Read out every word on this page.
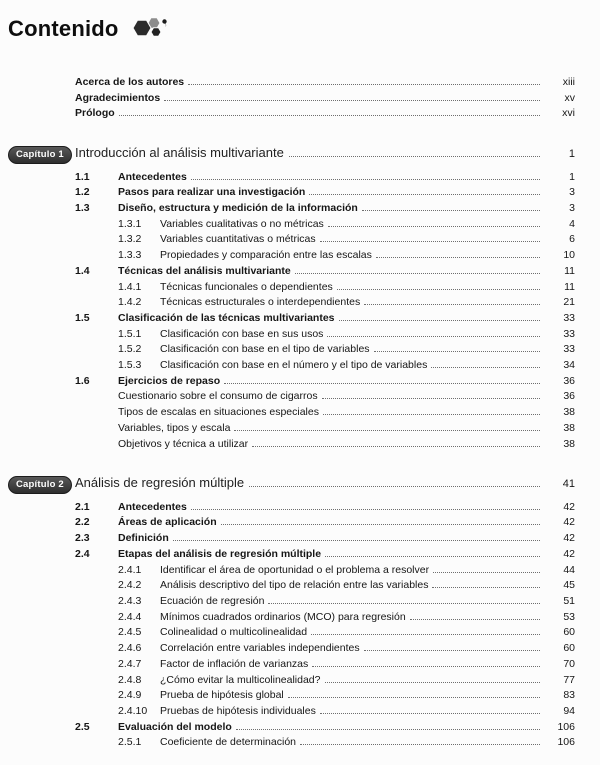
Contenido
Acerca de los autores	xiii
Agradecimientos	xv
Prólogo	xvi
Capítulo 1 Introducción al análisis multivariante	1
1.1	Antecedentes	1
1.2	Pasos para realizar una investigación	3
1.3	Diseño, estructura y medición de la información	3
1.3.1	Variables cualitativas o no métricas	4
1.3.2	Variables cuantitativas o métricas	6
1.3.3	Propiedades y comparación entre las escalas	10
1.4	Técnicas del análisis multivariante	11
1.4.1	Técnicas funcionales o dependientes	11
1.4.2	Técnicas estructurales o interdependientes	21
1.5	Clasificación de las técnicas multivariantes	33
1.5.1	Clasificación con base en sus usos	33
1.5.2	Clasificación con base en el tipo de variables	33
1.5.3	Clasificación con base en el número y el tipo de variables	34
1.6	Ejercicios de repaso	36
Cuestionario sobre el consumo de cigarros	36
Tipos de escalas en situaciones especiales	38
Variables, tipos y escala	38
Objetivos y técnica a utilizar	38
Capítulo 2 Análisis de regresión múltiple	41
2.1	Antecedentes	42
2.2	Áreas de aplicación	42
2.3	Definición	42
2.4	Etapas del análisis de regresión múltiple	42
2.4.1	Identificar el área de oportunidad o el problema a resolver	44
2.4.2	Análisis descriptivo del tipo de relación entre las variables	45
2.4.3	Ecuación de regresión	51
2.4.4	Mínimos cuadrados ordinarios (MCO) para regresión	53
2.4.5	Colinealidad o multicolinealidad	60
2.4.6	Correlación entre variables independientes	60
2.4.7	Factor de inflación de varianzas	70
2.4.8	¿Cómo evitar la multicolinealidad?	77
2.4.9	Prueba de hipótesis global	83
2.4.10	Pruebas de hipótesis individuales	94
2.5	Evaluación del modelo	106
2.5.1	Coeficiente de determinación	106
